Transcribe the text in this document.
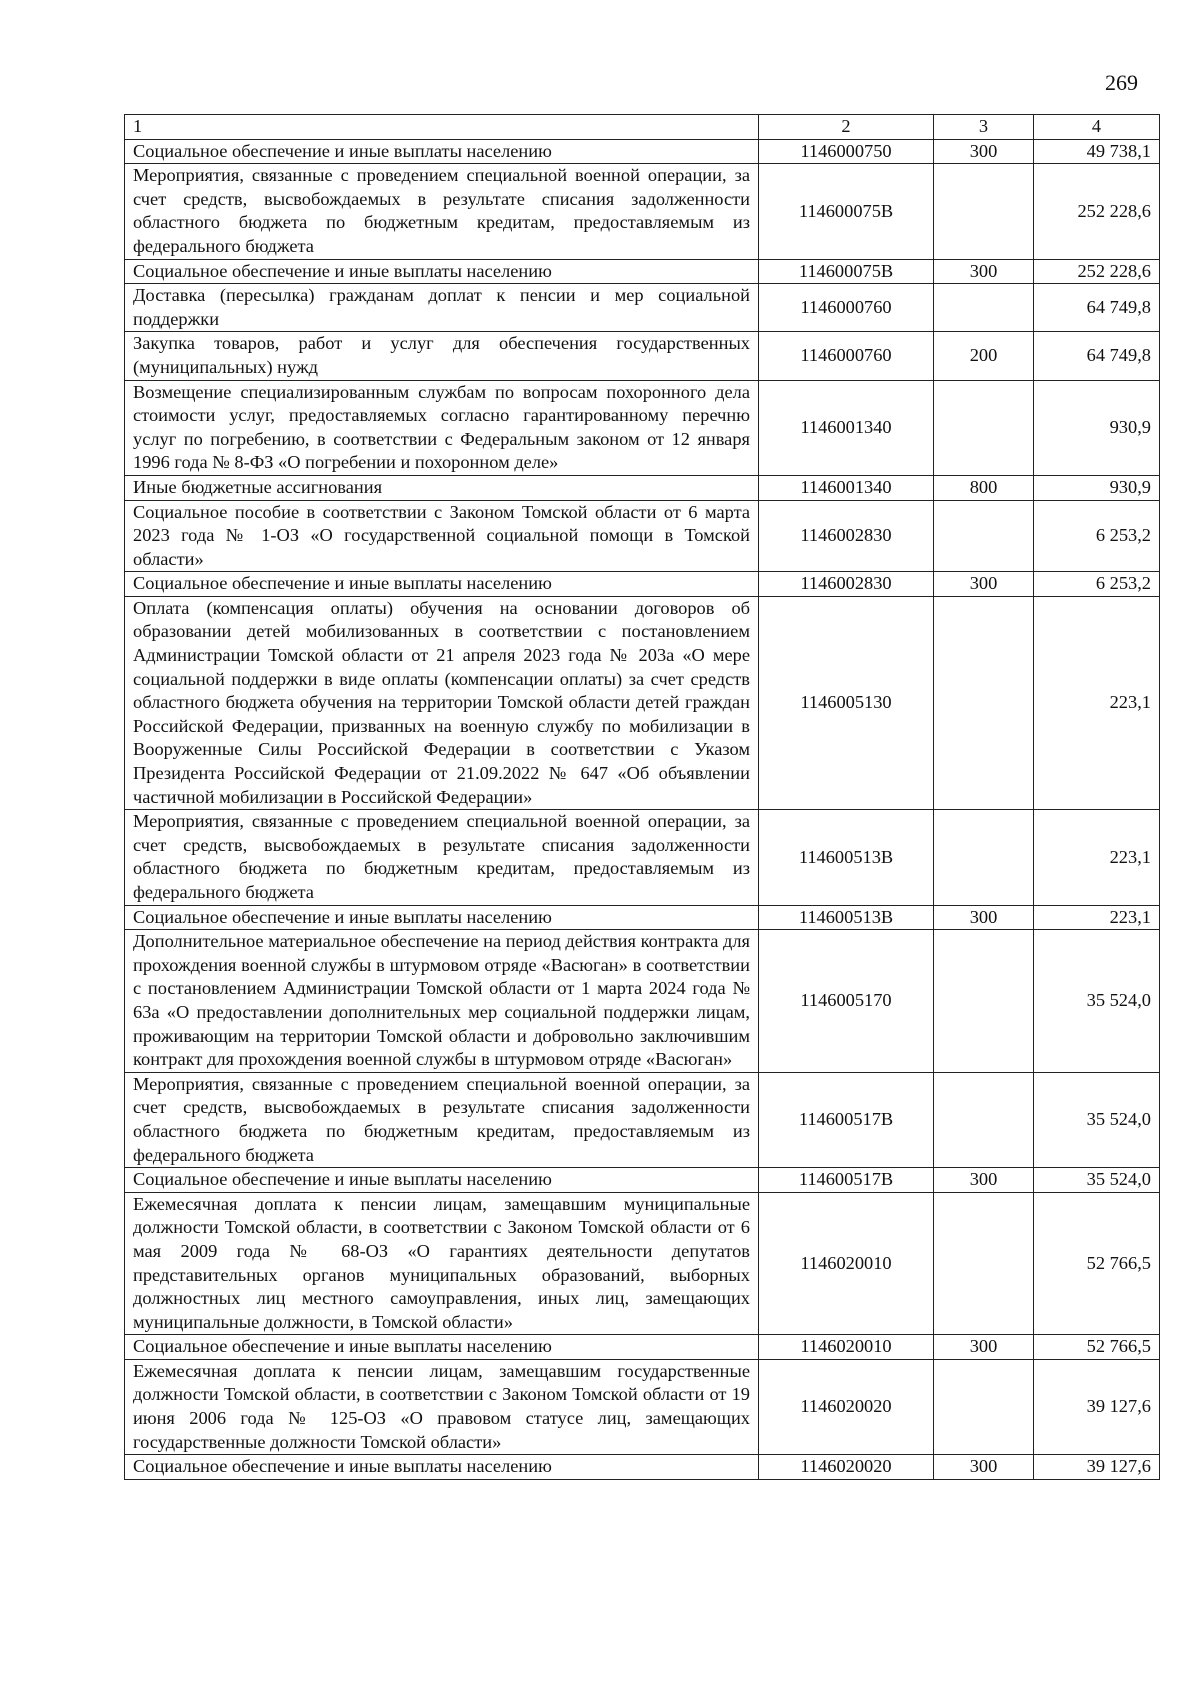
269
1	2	3	4
Социальное обеспечение и иные выплаты населению	1146000750	300	49 738,1
Мероприятия, связанные с проведением специальной военной операции, за счет средств, высвобождаемых в результате списания задолженности областного бюджета по бюджетным кредитам, предоставляемым из федерального бюджета	114600075В		252 228,6
Социальное обеспечение и иные выплаты населению	114600075В	300	252 228,6
Доставка (пересылка) гражданам доплат к пенсии и мер социальной поддержки	1146000760		64 749,8
Закупка товаров, работ и услуг для обеспечения государственных (муниципальных) нужд	1146000760	200	64 749,8
Возмещение специализированным службам по вопросам похоронного дела стоимости услуг, предоставляемых согласно гарантированному перечню услуг по погребению, в соответствии с Федеральным законом от 12 января 1996 года № 8-ФЗ «О погребении и похоронном деле»	1146001340		930,9
Иные бюджетные ассигнования	1146001340	800	930,9
Социальное пособие в соответствии с Законом Томской области от 6 марта 2023 года № 1-ОЗ «О государственной социальной помощи в Томской области»	1146002830		6 253,2
Социальное обеспечение и иные выплаты населению	1146002830	300	6 253,2
Оплата (компенсация оплаты) обучения на основании договоров об образовании детей мобилизованных в соответствии с постановлением Администрации Томской области от 21 апреля 2023 года № 203а «О мере социальной поддержки в виде оплаты (компенсации оплаты) за счет средств областного бюджета обучения на территории Томской области детей граждан Российской Федерации, призванных на военную службу по мобилизации в Вооруженные Силы Российской Федерации в соответствии с Указом Президента Российской Федерации от 21.09.2022 № 647 «Об объявлении частичной мобилизации в Российской Федерации»	1146005130		223,1
Мероприятия, связанные с проведением специальной военной операции, за счет средств, высвобождаемых в результате списания задолженности областного бюджета по бюджетным кредитам, предоставляемым из федерального бюджета	114600513В		223,1
Социальное обеспечение и иные выплаты населению	114600513В	300	223,1
Дополнительное материальное обеспечение на период действия контракта для прохождения военной службы в штурмовом отряде «Васюган» в соответствии с постановлением Администрации Томской области от 1 марта 2024 года № 63а «О предоставлении дополнительных мер социальной поддержки лицам, проживающим на территории Томской области и добровольно заключившим контракт для прохождения военной службы в штурмовом отряде «Васюган»	1146005170		35 524,0
Мероприятия, связанные с проведением специальной военной операции, за счет средств, высвобождаемых в результате списания задолженности областного бюджета по бюджетным кредитам, предоставляемым из федерального бюджета	114600517В		35 524,0
Социальное обеспечение и иные выплаты населению	114600517В	300	35 524,0
Ежемесячная доплата к пенсии лицам, замещавшим муниципальные должности Томской области, в соответствии с Законом Томской области от 6 мая 2009 года № 68-ОЗ «О гарантиях деятельности депутатов представительных органов муниципальных образований, выборных должностных лиц местного самоуправления, иных лиц, замещающих муниципальные должности, в Томской области»	1146020010		52 766,5
Социальное обеспечение и иные выплаты населению	1146020010	300	52 766,5
Ежемесячная доплата к пенсии лицам, замещавшим государственные должности Томской области, в соответствии с Законом Томской области от 19 июня 2006 года № 125-ОЗ «О правовом статусе лиц, замещающих государственные должности Томской области»	1146020020		39 127,6
Социальное обеспечение и иные выплаты населению	1146020020	300	39 127,6
